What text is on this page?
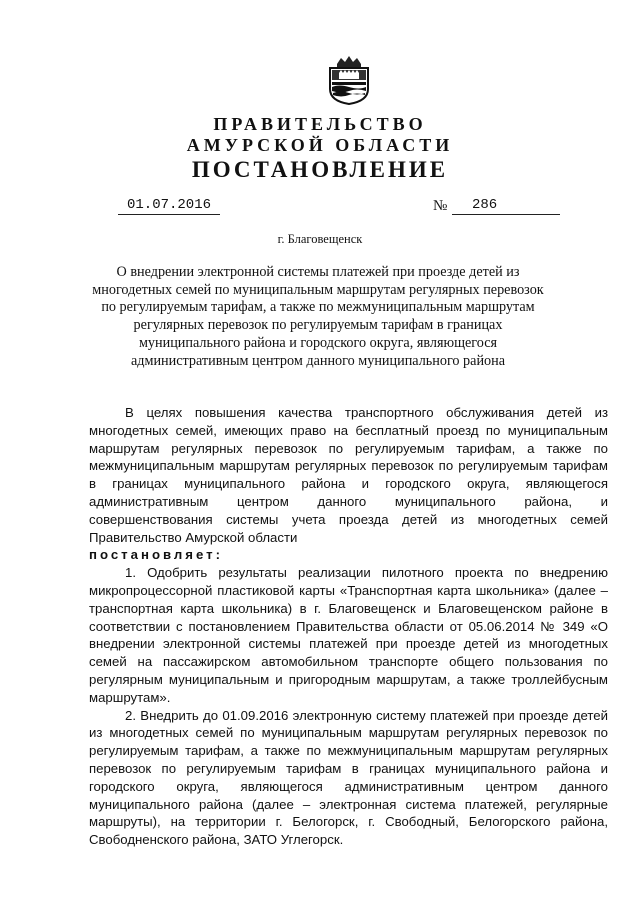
ПРАВИТЕЛЬСТВО
АМУРСКОЙ ОБЛАСТИ
ПОСТАНОВЛЕНИЕ
01.07.2016	№	286
г. Благовещенск
О внедрении электронной системы платежей при проезде детей из многодетных семей по муниципальным маршрутам регулярных перевозок по регулируемым тарифам, а также по межмуниципальным маршрутам регулярных перевозок по регулируемым тарифам в границах муниципального района и городского округа, являющегося административным центром данного муниципального района

В целях повышения качества транспортного обслуживания детей из многодетных семей, имеющих право на бесплатный проезд по муниципальным маршрутам регулярных перевозок по регулируемым тарифам, а также по межмуниципальным маршрутам регулярных перевозок по регулируемым тарифам в границах муниципального района и городского округа, являющегося административным центром данного муниципального района, и совершенствования системы учета проезда детей из многодетных семей Правительство Амурской области

постановляет:

1. Одобрить результаты реализации пилотного проекта по внедрению микропроцессорной пластиковой карты «Транспортная карта школьника» (далее – транспортная карта школьника) в г. Благовещенск и Благовещенском районе в соответствии с постановлением Правительства области от 05.06.2014 № 349 «О внедрении электронной системы платежей при проезде детей из многодетных семей на пассажирском автомобильном транспорте общего пользования по регулярным муниципальным и пригородным маршрутам, а также троллейбусным маршрутам».

2. Внедрить до 01.09.2016 электронную систему платежей при проезде детей из многодетных семей по муниципальным маршрутам регулярных перевозок по регулируемым тарифам, а также по межмуниципальным маршрутам регулярных перевозок по регулируемым тарифам в границах муниципального района и городского округа, являющегося административным центром данного муниципального района (далее – электронная система платежей, регулярные маршруты), на территории г. Белогорск, г. Свободный, Белогорского района, Свободненского района, ЗАТО Углегорск.
